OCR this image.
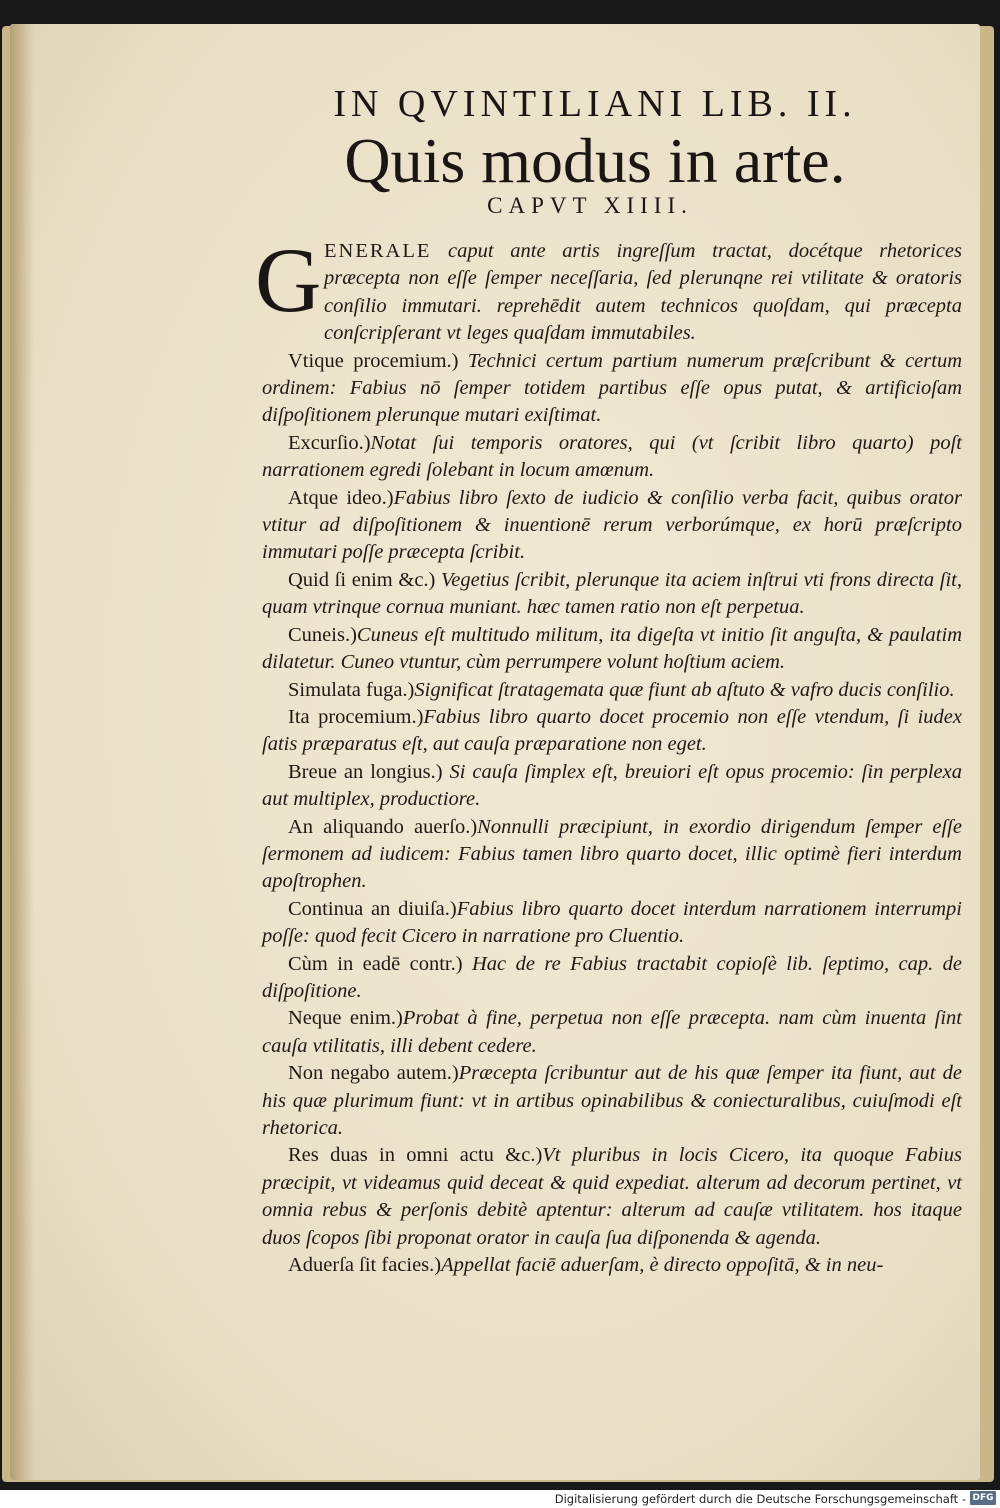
IN QVINTILIANI LIB. II.
Quis modus in arte.
CAPVT XIIII.
G ENERALE caput ante artis ingreſſum tractat, docétque rhetorices præcepta non eſſe ſemper neceſſaria, ſed plerunqne rei vtilitate & oratoris conſilio immutari. reprehēdit autem technicos quoſdam, qui præcepta conſcripſerant vt leges quaſdam immutabiles.

Vtique procemium.) Technici certum partium numerum præſcribunt & certum ordinem: Fabius nō ſemper totidem partibus eſſe opus putat, & artificioſam diſpoſitionem plerunque mutari exiſtimat.

Excurſio.)Notat ſui temporis oratores, qui (vt ſcribit libro quarto) poſt narrationem egredi ſolebant in locum amœnum.

Atque ideo.)Fabius libro ſexto de iudicio & conſilio verba facit, quibus orator vtitur ad diſpoſitionem & inuentionē rerum verborúmque, ex horū præſcripto immutari poſſe præcepta ſcribit.

Quid ſi enim &c.) Vegetius ſcribit, plerunque ita aciem inſtrui vti frons directa ſit, quam vtrinque cornua muniant. hæc tamen ratio non eſt perpetua.

Cuneis.)Cuneus eſt multitudo militum, ita digeſta vt initio ſit anguſta, & paulatim dilatetur. Cuneo vtuntur, cùm perrumpere volunt hoſtium aciem.

Simulata fuga.)Significat ſtratagemata quæ fiunt ab aſtuto & vafro ducis conſilio.

Ita procemium.)Fabius libro quarto docet procemio non eſſe vtendum, ſi iudex ſatis præparatus eſt, aut cauſa præparatione non eget.

Breue an longius.) Si cauſa ſimplex eſt, breuiori eſt opus procemio: ſin perplexa aut multiplex, productiore.

An aliquando auerſo.)Nonnulli præcipiunt, in exordio dirigendum ſemper eſſe ſermonem ad iudicem: Fabius tamen libro quarto docet, illic optimè fieri interdum apoſtrophen.

Continua an diuiſa.)Fabius libro quarto docet interdum narrationem interrumpi poſſe: quod fecit Cicero in narratione pro Cluentio.

Cùm in eadē contr.) Hac de re Fabius tractabit copioſè lib. ſeptimo, cap. de diſpoſitione.

Neque enim.)Probat à fine, perpetua non eſſe præcepta. nam cùm inuenta ſint cauſa vtilitatis, illi debent cedere.

Non negabo autem.)Præcepta ſcribuntur aut de his quæ ſemper ita fiunt, aut de his quæ plurimum fiunt: vt in artibus opinabilibus & coniecturalibus, cuiuſmodi eſt rhetorica.

Res duas in omni actu &c.)Vt pluribus in locis Cicero, ita quoque Fabius præcipit, vt videamus quid deceat & quid expediat. alterum ad decorum pertinet, vt omnia rebus & perſonis debitè aptentur: alterum ad cauſæ vtilitatem. hos itaque duos ſcopos ſibi proponat orator in cauſa ſua diſponenda & agenda.

Aduerſa ſit facies.)Appellat faciē aduerſam, è directo oppoſitā, & in neu-

Digitalisierung gefördert durch die Deutsche Forschungsgemeinschaft - DFG
